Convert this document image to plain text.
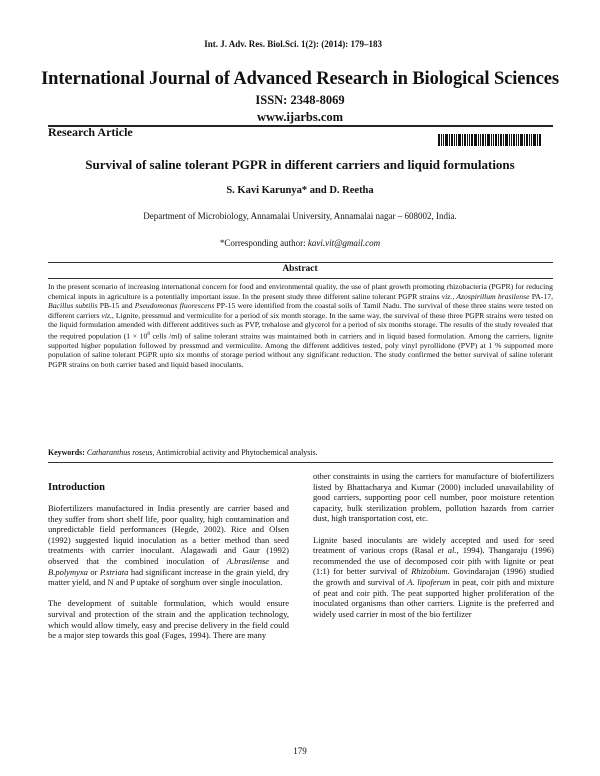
Int. J. Adv. Res. Biol.Sci. 1(2): (2014): 179–183
International Journal of Advanced Research in Biological Sciences
ISSN: 2348-8069
www.ijarbs.com
Research Article
Survival of saline tolerant PGPR in different carriers and liquid formulations
S. Kavi Karunya* and D. Reetha
Department of Microbiology, Annamalai University, Annamalai nagar – 608002, India.
*Corresponding author: kavi.vit@gmail.com
Abstract
In the present scenario of increasing international concern for food and environmental quality, the use of plant growth promoting rhizobacteria (PGPR) for reducing chemical inputs in agriculture is a potentially important issue. In the present study three different saline tolerant PGPR strains viz., Azospirillum brasilense PA-17, Bacillus subtilis PB-15 and Pseudomonas fluorescens PP-15 were identified from the coastal soils of Tamil Nadu. The survival of these three stains were tested on different carriers viz., Lignite, pressmud and vermiculite for a period of six month storage. In the same way, the survival of these three PGPR strains were tested on the liquid formulation amended with different additives such as PVP, trehalose and glycerol for a period of six months storage. The results of the study revealed that the required population ($1 \times 10^8$ cells /ml) of saline tolerant strains was maintained both in carriers and in liquid based formulation. Among the carriers, lignite supported higher population followed by pressmud and vermiculite. Among the different additives tested, poly vinyl pyrollidone (PVP) at 1 % supported more population of saline tolerant PGPR upto six months of storage period without any significant reduction. The study confirmed the better survival of saline tolerant PGPR strains on both carrier based and liquid based inoculants.
Keywords: Catharanthus roseus, Antimicrobial activity and Phytochemical analysis.
Introduction

Biofertilizers manufactured in India presently are carrier based and they suffer from short shelf life, poor quality, high contamination and unpredictable field performances (Hegde, 2002). Rice and Olsen (1992) suggested liquid inoculation as a better method than seed treatments with carrier inoculant. Alagawadi and Gaur (1992) observed that the combined inoculation of A.brasilense and B.polymyxa or P.striata had significant increase in the grain yield, dry matter yield, and N and P uptake of sorghum over single inoculation.

The development of suitable formulation, which would ensure survival and protection of the strain and the application technology, which would allow timely, easy and precise delivery in the field could be a major step towards this goal (Fages, 1994). There are many

other constraints in using the carriers for manufacture of biofertilizers listed by Bhattacharya and Kumar (2000) included unavailability of good carriers, supporting poor cell number, poor moisture retention capacity, bulk sterilization problem, pollution hazards from carrier dust, high transportation cost, etc.

Lignite based inoculants are widely accepted and used for seed treatment of various crops (Rasal et al., 1994). Thangaraju (1996) recommended the use of decomposed coir pith with lignite or peat (1:1) for better survival of Rhizobium. Govindarajan (1996) studied the growth and survival of A. lipoferum in peat, coir pith and mixture of peat and coir pith. The peat supported higher proliferation of the inoculated organisms than other carriers. Lignite is the preferred and widely used carrier in most of the bio fertilizer

179
